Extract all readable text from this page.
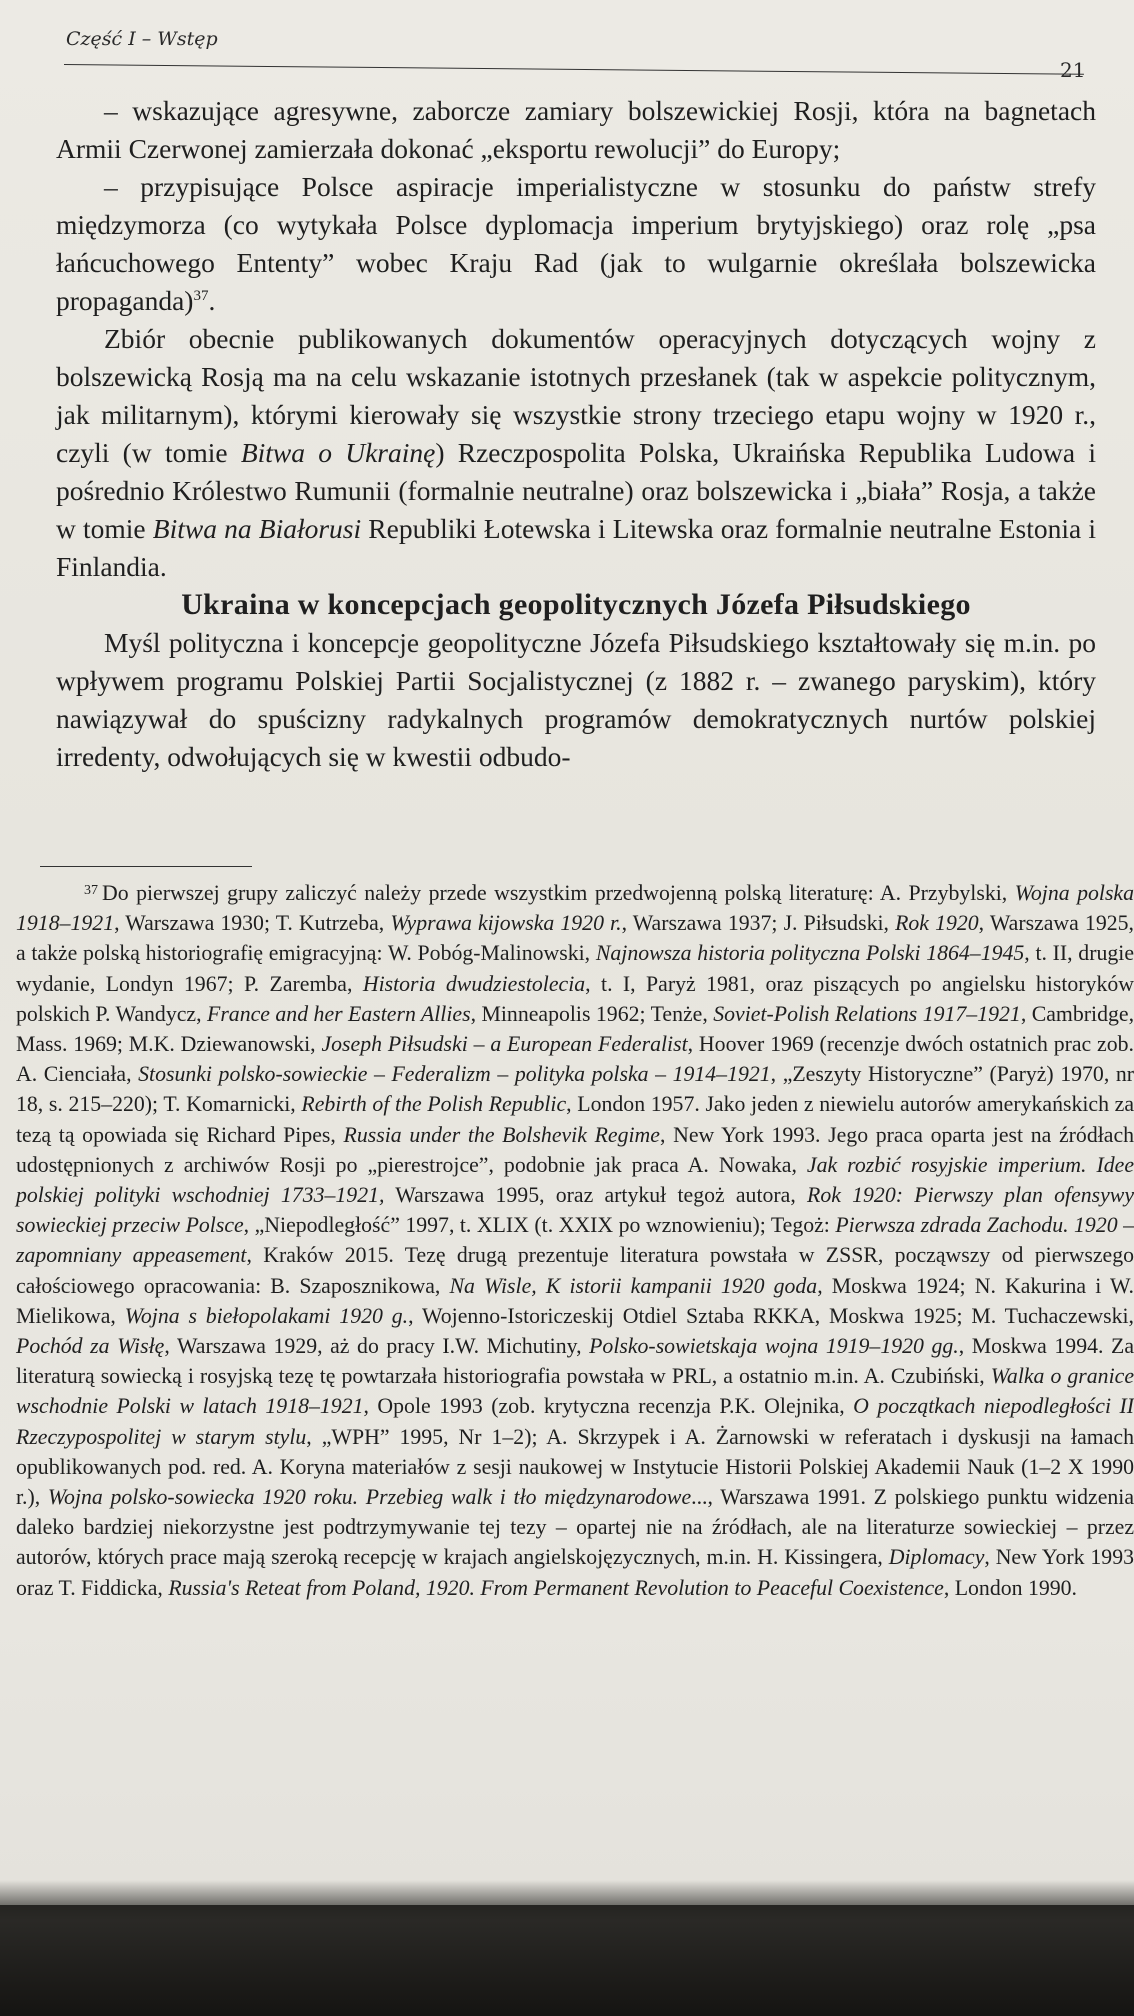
Część I – Wstęp
21

– wskazujące agresywne, zaborcze zamiary bolszewickiej Rosji, która na bagnetach Armii Czerwonej zamierzała dokonać „eksportu rewolucji” do Europy;

– przypisujące Polsce aspiracje imperialistyczne w stosunku do państw strefy międzymorza (co wytykała Polsce dyplomacja imperium brytyjskiego) oraz rolę „psa łańcuchowego Ententy” wobec Kraju Rad (jak to wulgarnie określała bolszewicka propaganda)$^{37}$.

Zbiór obecnie publikowanych dokumentów operacyjnych dotyczących wojny z bolszewicką Rosją ma na celu wskazanie istotnych przesłanek (tak w aspekcie politycznym, jak militarnym), którymi kierowały się wszystkie strony trzeciego etapu wojny w 1920 r., czyli (w tomie Bitwa o Ukrainę) Rzeczpospolita Polska, Ukraińska Republika Ludowa i pośrednio Królestwo Rumunii (formalnie neutralne) oraz bolszewicka i „biała” Rosja, a także w tomie Bitwa na Białorusi Republiki Łotewska i Litewska oraz formalnie neutralne Estonia i Finlandia.

Ukraina w koncepcjach geopolitycznych Józefa Piłsudskiego

Myśl polityczna i koncepcje geopolityczne Józefa Piłsudskiego kształtowały się m.in. po wpływem programu Polskiej Partii Socjalistycznej (z 1882 r. – zwanego paryskim), który nawiązywał do spuścizny radykalnych programów demokratycznych nurtów polskiej irredenty, odwołujących się w kwestii odbudo-

$^{37}$ Do pierwszej grupy zaliczyć należy przede wszystkim przedwojenną polską literaturę: A. Przybylski, Wojna polska 1918–1921, Warszawa 1930; T. Kutrzeba, Wyprawa kijowska 1920 r., Warszawa 1937; J. Piłsudski, Rok 1920, Warszawa 1925, a także polską historiografię emigracyjną: W. Pobóg-Malinowski, Najnowsza historia polityczna Polski 1864–1945, t. II, drugie wydanie, Londyn 1967; P. Zaremba, Historia dwudziestolecia, t. I, Paryż 1981, oraz piszących po angielsku historyków polskich P. Wandycz, France and her Eastern Allies, Minneapolis 1962; Tenże, Soviet-Polish Relations 1917–1921, Cambridge, Mass. 1969; M.K. Dziewanowski, Joseph Piłsudski – a European Federalist, Hoover 1969 (recenzje dwóch ostatnich prac zob. A. Cienciała, Stosunki polsko-sowieckie – Federalizm – polityka polska – 1914–1921, „Zeszyty Historyczne” (Paryż) 1970, nr 18, s. 215–220); T. Komarnicki, Rebirth of the Polish Republic, London 1957. Jako jeden z niewielu autorów amerykańskich za tezą tą opowiada się Richard Pipes, Russia under the Bolshevik Regime, New York 1993. Jego praca oparta jest na źródłach udostępnionych z archiwów Rosji po „pierestrojce”, podobnie jak praca A. Nowaka, Jak rozbić rosyjskie imperium. Idee polskiej polityki wschodniej 1733–1921, Warszawa 1995, oraz artykuł tegoż autora, Rok 1920: Pierwszy plan ofensywy sowieckiej przeciw Polsce, „Niepodległość” 1997, t. XLIX (t. XXIX po wznowieniu); Tegoż: Pierwsza zdrada Zachodu. 1920 – zapomniany appeasement, Kraków 2015. Tezę drugą prezentuje literatura powstała w ZSSR, począwszy od pierwszego całościowego opracowania: B. Szaposznikowa, Na Wisle, K istorii kampanii 1920 goda, Moskwa 1924; N. Kakurina i W. Mielikowa, Wojna s biełopolakami 1920 g., Wojenno-Istoriczeskij Otdiel Sztaba RKKA, Moskwa 1925; M. Tuchaczewski, Pochód za Wisłę, Warszawa 1929, aż do pracy I.W. Michutiny, Polsko-sowietskaja wojna 1919–1920 gg., Moskwa 1994. Za literaturą sowiecką i rosyjską tezę tę powtarzała historiografia powstała w PRL, a ostatnio m.in. A. Czubiński, Walka o granice wschodnie Polski w latach 1918–1921, Opole 1993 (zob. krytyczna recenzja P.K. Olejnika, O początkach niepodległości II Rzeczypospolitej w starym stylu, „WPH” 1995, Nr 1–2); A. Skrzypek i A. Żarnowski w referatach i dyskusji na łamach opublikowanych pod. red. A. Koryna materiałów z sesji naukowej w Instytucie Historii Polskiej Akademii Nauk (1–2 X 1990 r.), Wojna polsko-sowiecka 1920 roku. Przebieg walk i tło międzynarodowe..., Warszawa 1991. Z polskiego punktu widzenia daleko bardziej niekorzystne jest podtrzymywanie tej tezy – opartej nie na źródłach, ale na literaturze sowieckiej – przez autorów, których prace mają szeroką recepcję w krajach angielskojęzycznych, m.in. H. Kissingera, Diplomacy, New York 1993 oraz T. Fiddicka, Russia's Reteat from Poland, 1920. From Permanent Revolution to Peaceful Coexistence, London 1990.
